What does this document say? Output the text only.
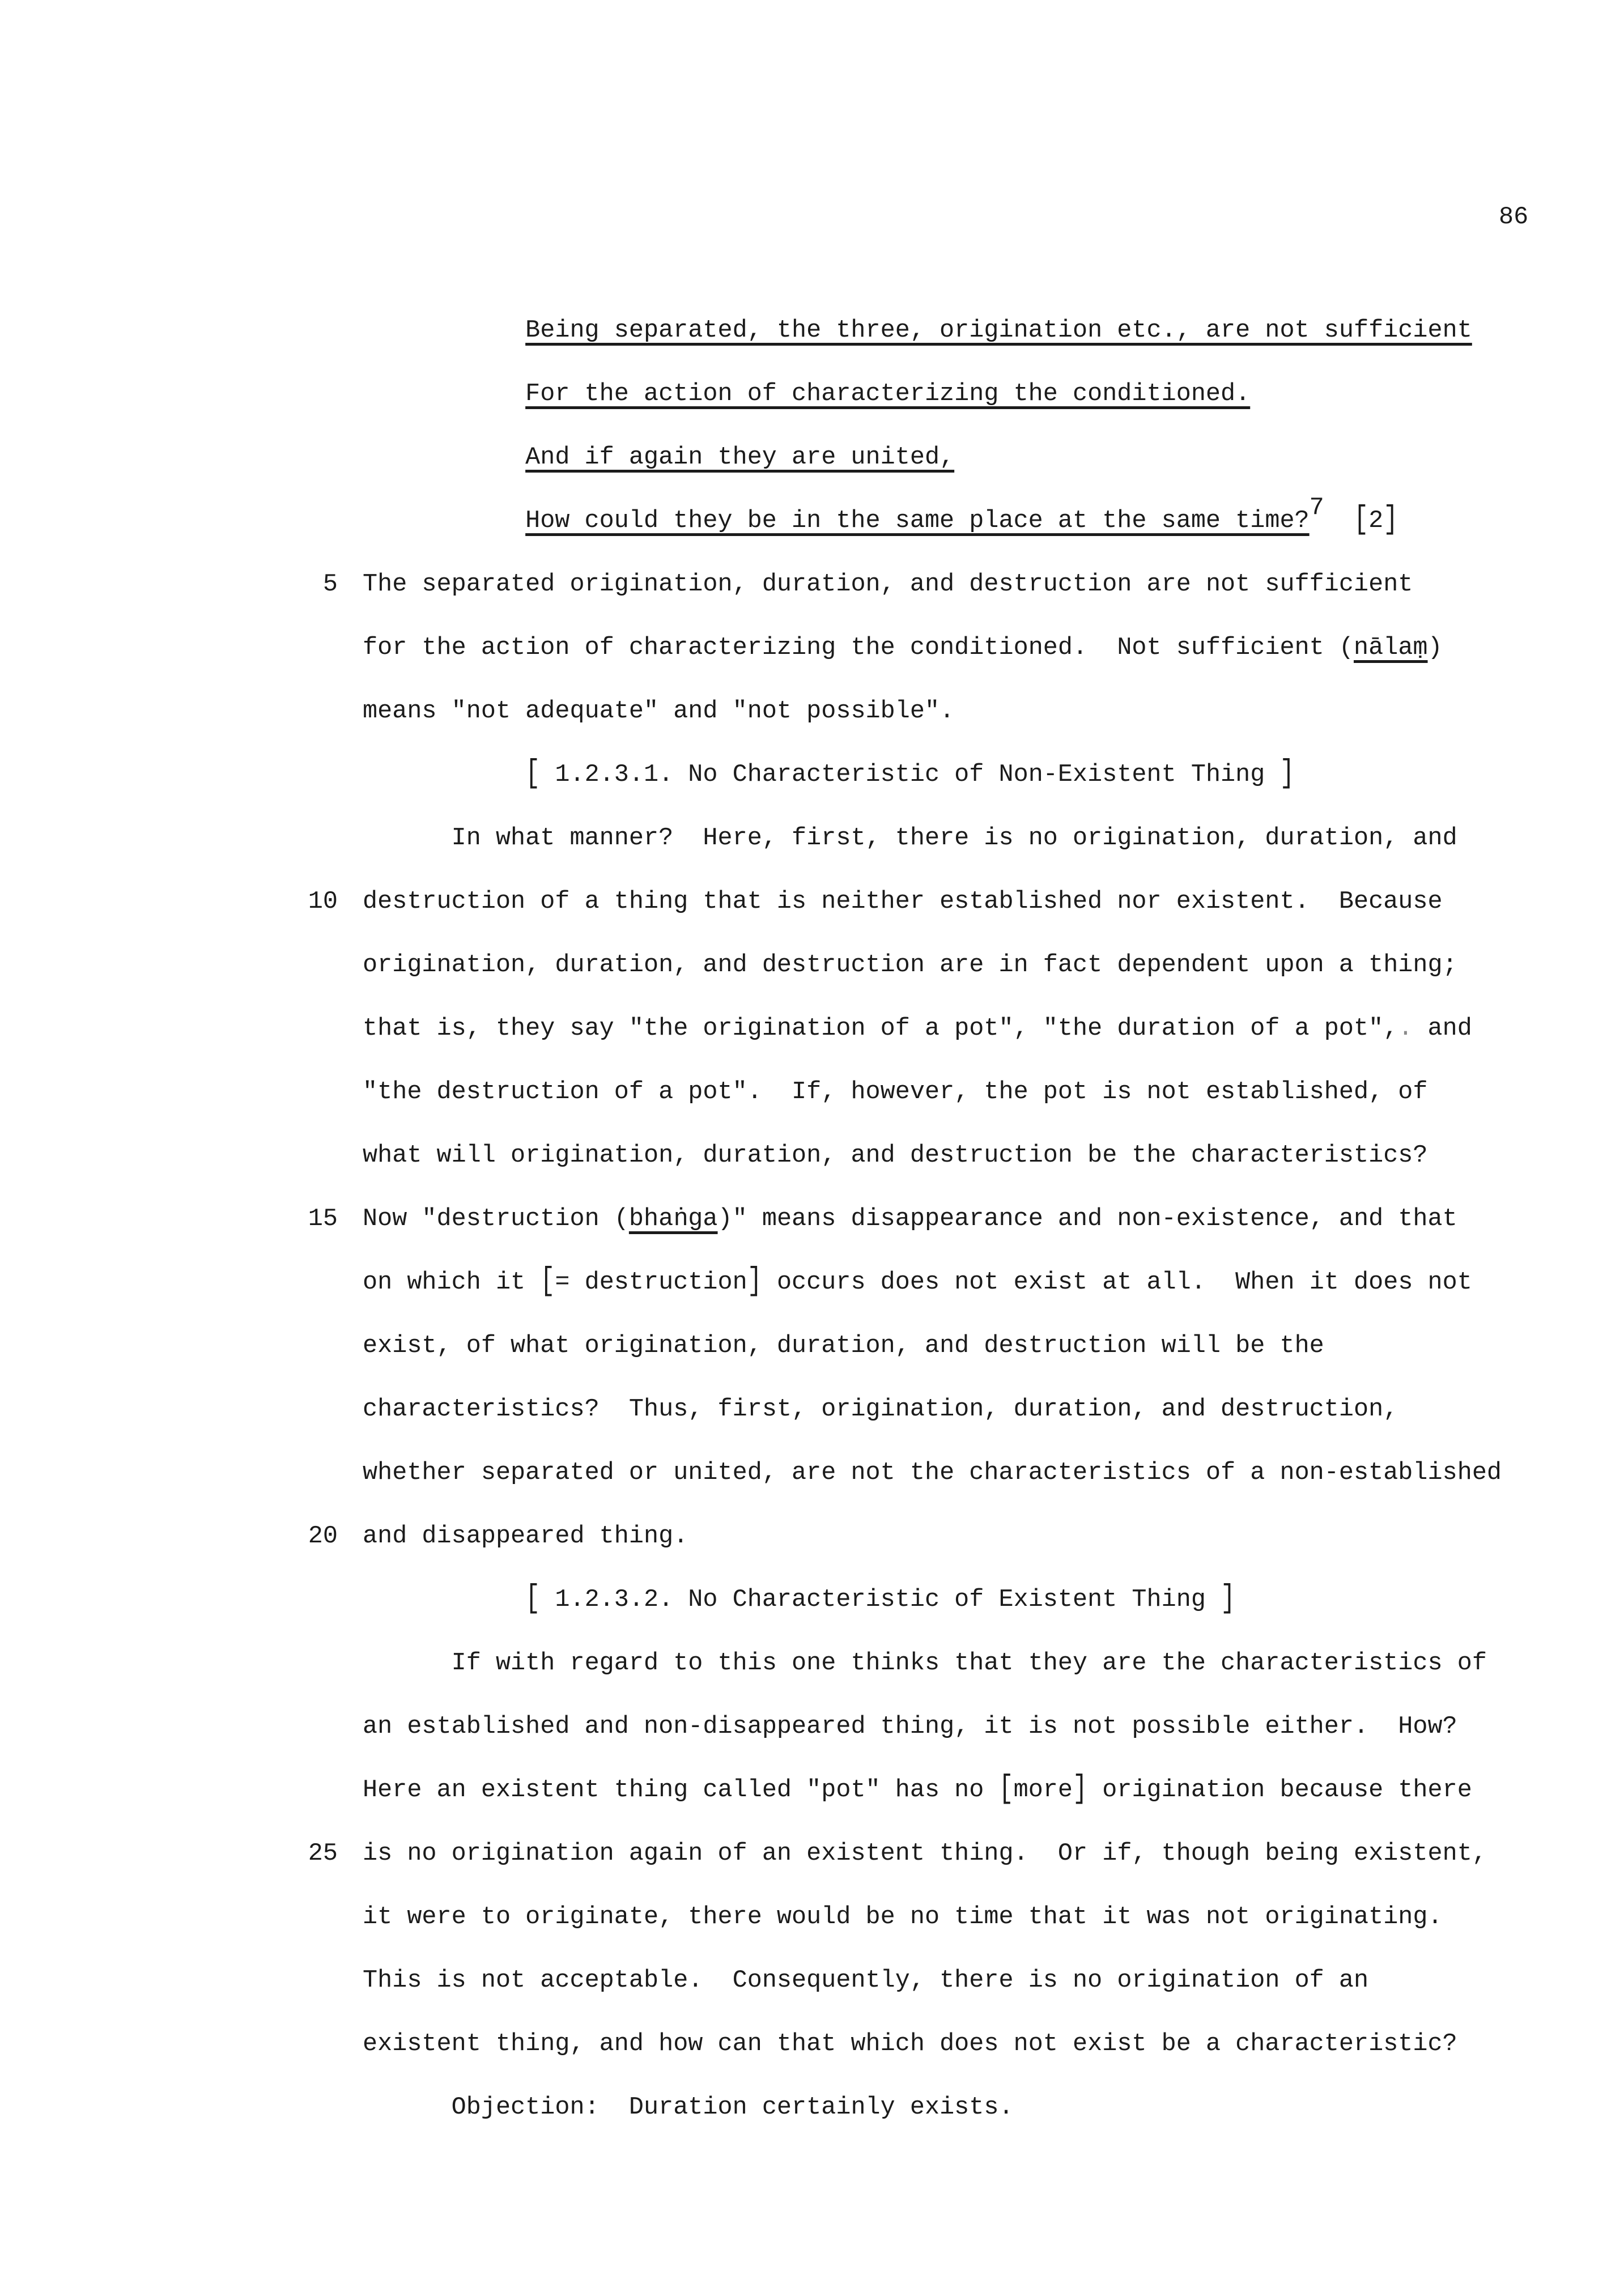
86
Being separated, the three, origination etc., are not sufficient
For the action of characterizing the conditioned.
And if again they are united,
How could they be in the same place at the same time?7 [2]
5 The separated origination, duration, and destruction are not sufficient
for the action of characterizing the conditioned.  Not sufficient (nālaṃ)
means "not adequate" and "not possible".
[ 1.2.3.1. No Characteristic of Non-Existent Thing ]
In what manner?  Here, first, there is no origination, duration, and
10 destruction of a thing that is neither established nor existent.  Because
origination, duration, and destruction are in fact dependent upon a thing;
that is, they say "the origination of a pot", "the duration of a pot",. and
"the destruction of a pot".  If, however, the pot is not established, of
what will origination, duration, and destruction be the characteristics?
15 Now "destruction (bhaṅga)" means disappearance and non-existence, and that
on which it [= destruction] occurs does not exist at all.  When it does not
exist, of what origination, duration, and destruction will be the
characteristics?  Thus, first, origination, duration, and destruction,
whether separated or united, are not the characteristics of a non-established
20 and disappeared thing.
[ 1.2.3.2. No Characteristic of Existent Thing ]
If with regard to this one thinks that they are the characteristics of
an established and non-disappeared thing, it is not possible either.  How?
Here an existent thing called "pot" has no [more] origination because there
25 is no origination again of an existent thing.  Or if, though being existent,
it were to originate, there would be no time that it was not originating.
This is not acceptable.  Consequently, there is no origination of an
existent thing, and how can that which does not exist be a characteristic?
Objection:  Duration certainly exists.
